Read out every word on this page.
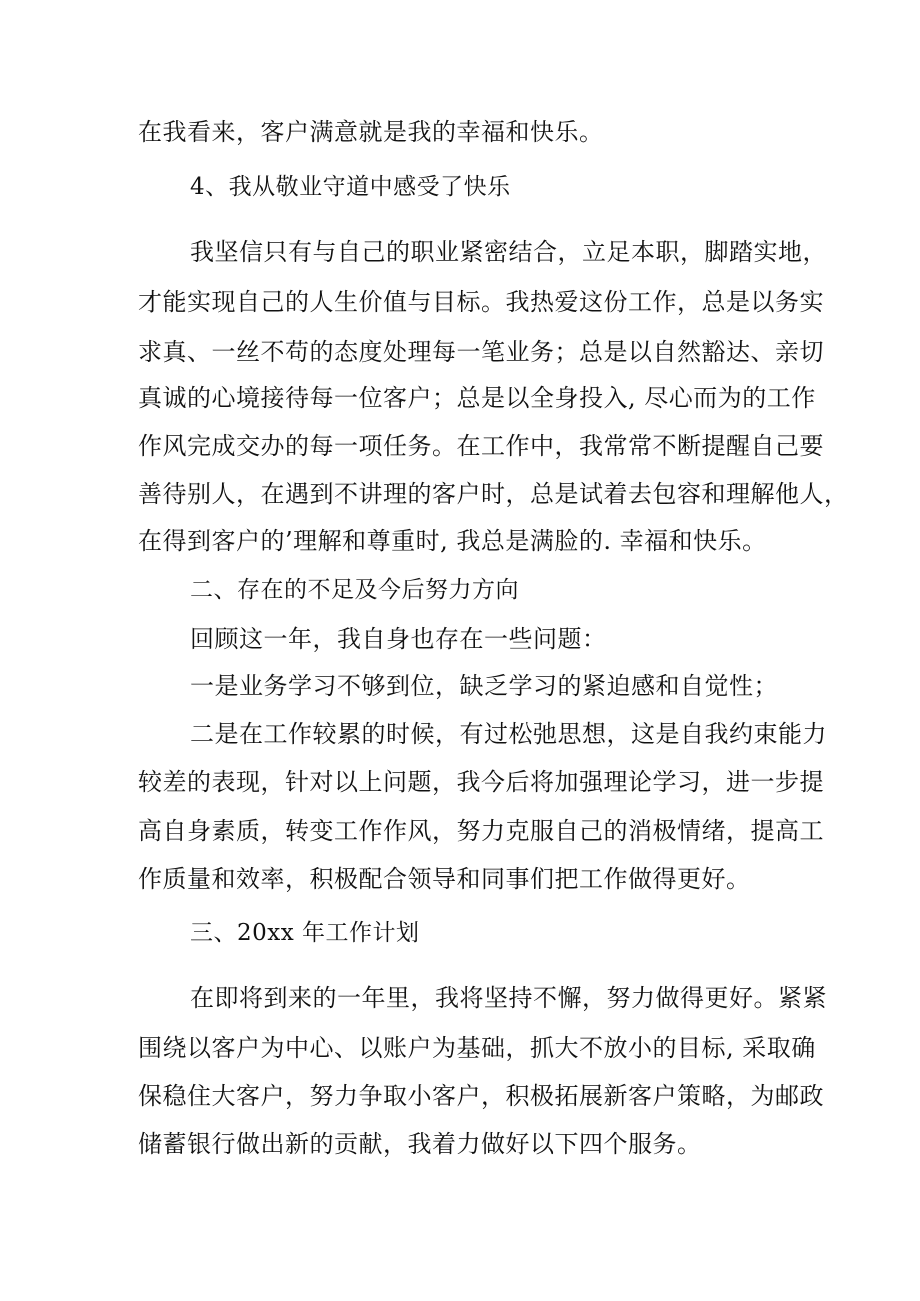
在我看来，客户满意就是我的幸福和快乐。
4、我从敬业守道中感受了快乐
我坚信只有与自己的职业紧密结合，立足本职，脚踏实地，
才能实现自己的人生价值与目标。我热爱这份工作，总是以务实
求真、一丝不苟的态度处理每一笔业务；总是以自然豁达、亲切
真诚的心境接待每一位客户；总是以全身投入, 尽心而为的工作
作风完成交办的每一项任务。在工作中，我常常不断提醒自己要
善待别人，在遇到不讲理的客户时，总是试着去包容和理解他人，
在得到客户的’理解和尊重时, 我总是满脸的. 幸福和快乐。
二、存在的不足及今后努力方向
回顾这一年，我自身也存在一些问题：
一是业务学习不够到位，缺乏学习的紧迫感和自觉性；
二是在工作较累的时候，有过松弛思想，这是自我约束能力
较差的表现，针对以上问题，我今后将加强理论学习，进一步提
高自身素质，转变工作作风，努力克服自己的消极情绪，提高工
作质量和效率，积极配合领导和同事们把工作做得更好。
三、20xx 年工作计划
在即将到来的一年里，我将坚持不懈，努力做得更好。紧紧
围绕以客户为中心、以账户为基础，抓大不放小的目标, 采取确
保稳住大客户，努力争取小客户，积极拓展新客户策略，为邮政
储蓄银行做出新的贡献，我着力做好以下四个服务。
